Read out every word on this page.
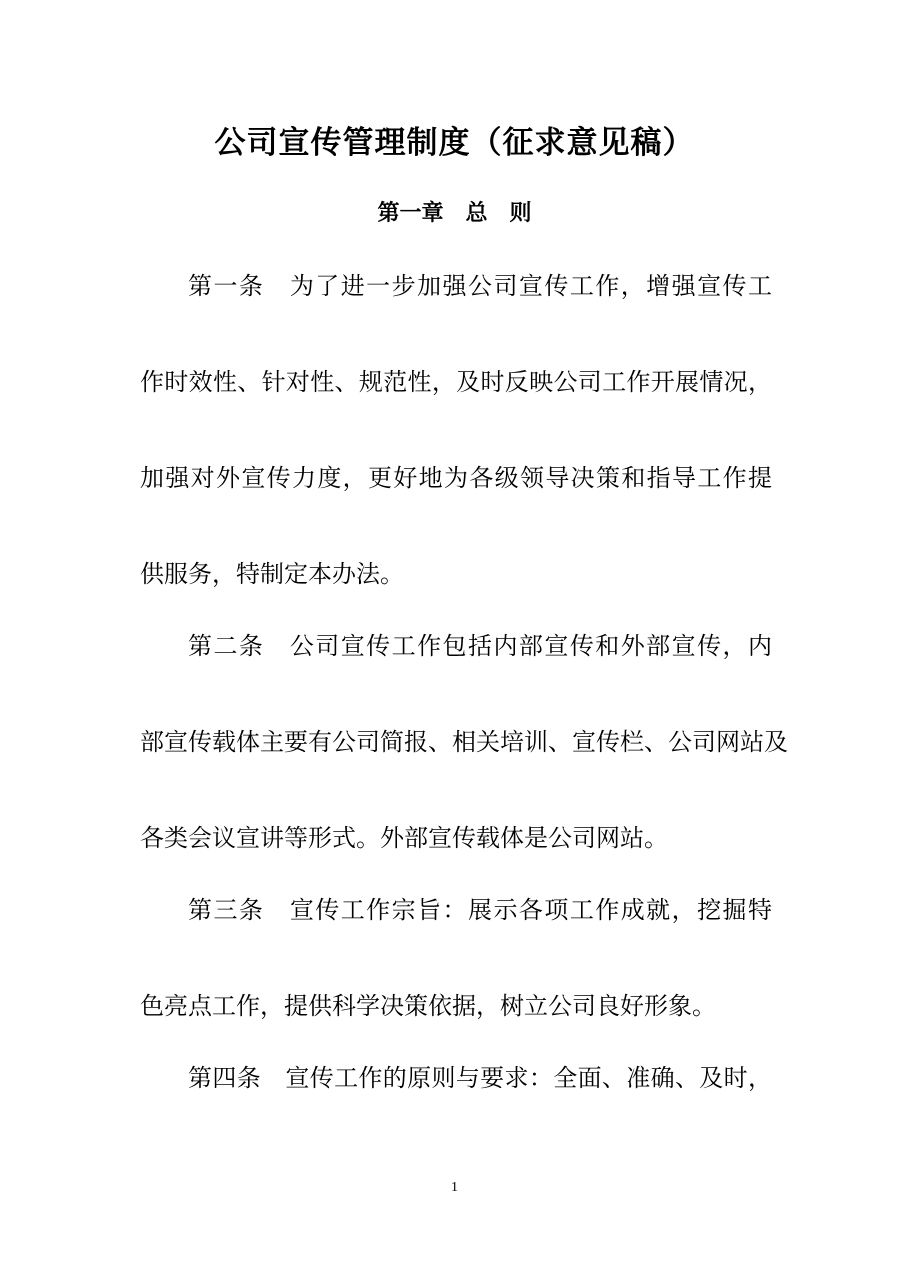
公司宣传管理制度（征求意见稿）
第一章　总　则
第一条　为了进一步加强公司宣传工作，增强宣传工
作时效性、针对性、规范性，及时反映公司工作开展情况，
加强对外宣传力度，更好地为各级领导决策和指导工作提
供服务，特制定本办法。
第二条　公司宣传工作包括内部宣传和外部宣传，内
部宣传载体主要有公司简报、相关培训、宣传栏、公司网站及
各类会议宣讲等形式。外部宣传载体是公司网站。
第三条　宣传工作宗旨：展示各项工作成就，挖掘特
色亮点工作，提供科学决策依据，树立公司良好形象。
第四条　宣传工作的原则与要求：全面、准确、及时，
1
